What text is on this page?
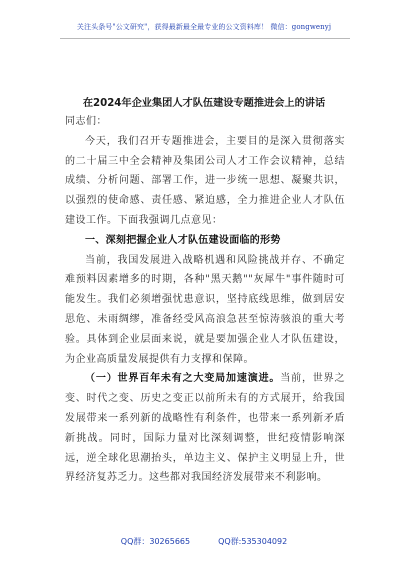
关注头条号"公文研究"，获得最新最全最专业的公文资料库！ 微信：gongwenyj
在2024年企业集团人才队伍建设专题推进会上的讲话

同志们：

今天，我们召开专题推进会，主要目的是深入贯彻落实的二十届三中全会精神及集团公司人才工作会议精神，总结成绩、分析问题、部署工作，进一步统一思想、凝聚共识，以强烈的使命感、责任感、紧迫感，全力推进企业人才队伍建设工作。下面我强调几点意见：

一、深刻把握企业人才队伍建设面临的形势

当前，我国发展进入战略机遇和风险挑战并存、不确定难预料因素增多的时期，各种"黑天鹅""灰犀牛"事件随时可能发生。我们必须增强忧患意识，坚持底线思维，做到居安思危、未雨绸缪，准备经受风高浪急甚至惊涛骇浪的重大考验。具体到企业层面来说，就是要加强企业人才队伍建设，为企业高质量发展提供有力支撑和保障。

（一）世界百年未有之大变局加速演进。当前，世界之变、时代之变、历史之变正以前所未有的方式展开，给我国发展带来一系列新的战略性有利条件，也带来一系列新矛盾新挑战。同时，国际力量对比深刻调整，世纪疫情影响深远，逆全球化思潮抬头，单边主义、保护主义明显上升，世界经济复苏乏力。这些都对我国经济发展带来不利影响。

QQ群：30265665	QQ群:535304092
